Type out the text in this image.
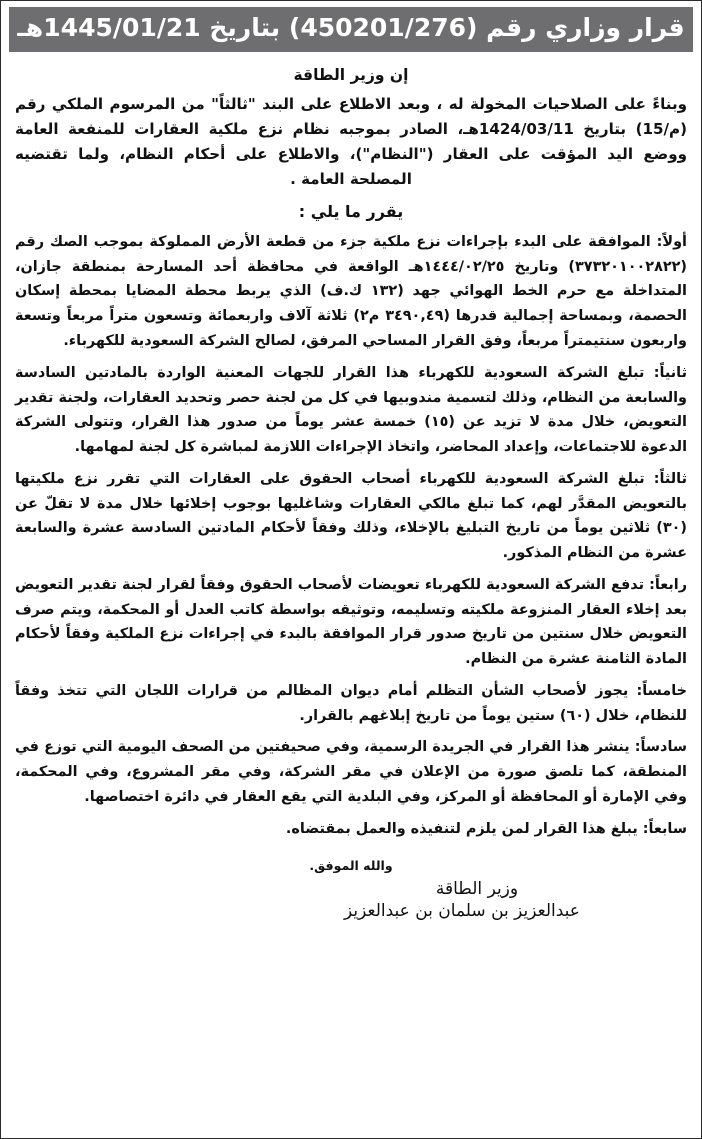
قرار وزاري رقم (450201/276) بتاريخ 1445/01/21هـ
إن وزير الطاقة

وبناءً على الصلاحيات المخولة له ، وبعد الاطلاع على البند "ثالثاً" من المرسوم الملكي رقم (م/15) بتاريخ 1424/03/11هـ، الصادر بموجبه نظام نزع ملكية العقارات للمنفعة العامة ووضع اليد المؤقت على العقار ("النظام")، والاطلاع على أحكام النظام، ولما تقتضيه المصلحة العامة .

يقرر ما يلي :

أولاً: الموافقة على البدء بإجراءات نزع ملكية جزء من قطعة الأرض المملوكة بموجب الصك رقم (٣٧٣٢٠١٠٠٢٨٢٢) وتاريخ ١٤٤٤/٠٢/٢٥هـ الواقعة في محافظة أحد المسارحة بمنطقة جازان، المتداخلة مع حرم الخط الهوائي جهد (١٣٢ ك.ف) الذي يربط محطة المضايا بمحطة إسكان الحصمة، وبمساحة إجمالية قدرها (٣٤٩٠,٤٩ م٢) ثلاثة آلاف واربعمائة وتسعون متراً مربعاً وتسعة واربعون سنتيمتراً مربعاً، وفق القرار المساحي المرفق، لصالح الشركة السعودية للكهرباء.

ثانياً: تبلغ الشركة السعودية للكهرباء هذا القرار للجهات المعنية الواردة بالمادتين السادسة والسابعة من النظام، وذلك لتسمية مندوبيها في كل من لجنة حصر وتحديد العقارات، ولجنة تقدير التعويض، خلال مدة لا تزيد عن (١٥) خمسة عشر يوماً من صدور هذا القرار، وتتولى الشركة الدعوة للاجتماعات، وإعداد المحاضر، واتخاذ الإجراءات اللازمة لمباشرة كل لجنة لمهامها.

ثالثاً: تبلغ الشركة السعودية للكهرباء أصحاب الحقوق على العقارات التي تقرر نزع ملكيتها بالتعويض المقدَّر لهم، كما تبلغ مالكي العقارات وشاغليها بوجوب إخلائها خلال مدة لا تقلّ عن (٣٠) ثلاثين يوماً من تاريخ التبليغ بالإخلاء، وذلك وفقاً لأحكام المادتين السادسة عشرة والسابعة عشرة من النظام المذكور.

رابعاً: تدفع الشركة السعودية للكهرباء تعويضات لأصحاب الحقوق وفقاً لقرار لجنة تقدير التعويض بعد إخلاء العقار المنزوعة ملكيته وتسليمه، وتوثيقه بواسطة كاتب العدل أو المحكمة، ويتم صرف التعويض خلال سنتين من تاريخ صدور قرار الموافقة بالبدء في إجراءات نزع الملكية وفقاً لأحكام المادة الثامنة عشرة من النظام.

خامساً: يجوز لأصحاب الشأن التظلم أمام ديوان المظالم من قرارات اللجان التي تتخذ وفقاً للنظام، خلال (٦٠) ستين يوماً من تاريخ إبلاغهم بالقرار.

سادساً: ينشر هذا القرار في الجريدة الرسمية، وفي صحيفتين من الصحف اليومية التي توزع في المنطقة، كما تلصق صورة من الإعلان في مقر الشركة، وفي مقر المشروع، وفي المحكمة، وفي الإمارة أو المحافظة أو المركز، وفي البلدية التي يقع العقار في دائرة اختصاصها.

سابعاً: يبلغ هذا القرار لمن يلزم لتنفيذه والعمل بمقتضاه.

والله الموفق.
وزير الطاقة
عبدالعزيز بن سلمان بن عبدالعزيز
